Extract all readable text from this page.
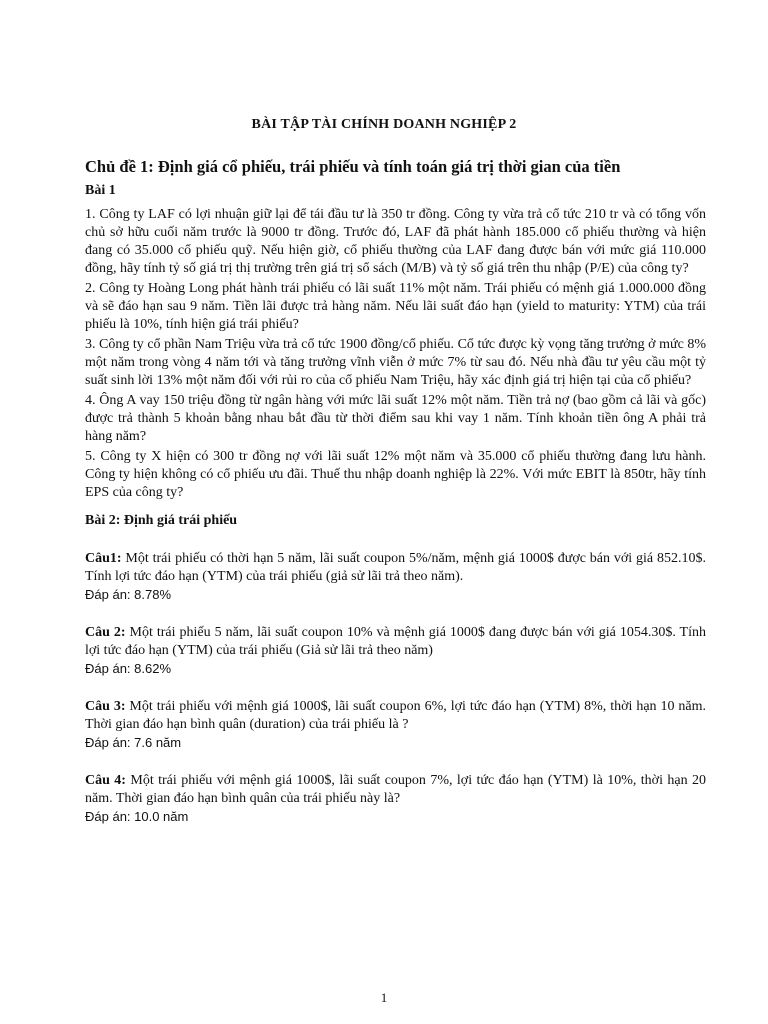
BÀI TẬP TÀI CHÍNH DOANH NGHIỆP 2
Chủ đề 1: Định giá cổ phiếu, trái phiếu và tính toán giá trị thời gian của tiền
Bài 1

1. Công ty LAF có lợi nhuận giữ lại để tái đầu tư là 350 tr đồng. Công ty vừa trả cổ tức 210 tr và có tổng vốn chủ sở hữu cuối năm trước là 9000 tr đồng. Trước đó, LAF đã phát hành 185.000 cổ phiếu thường và hiện đang có 35.000 cổ phiếu quỹ. Nếu hiện giờ, cổ phiếu thường của LAF đang được bán với mức giá 110.000 đồng, hãy tính tỷ số giá trị thị trường trên giá trị sổ sách (M/B) và tỷ số giá trên thu nhập (P/E) của công ty?

2. Công ty Hoàng Long phát hành trái phiếu có lãi suất 11% một năm. Trái phiếu có mệnh giá 1.000.000 đồng và sẽ đáo hạn sau 9 năm. Tiền lãi được trả hàng năm. Nếu lãi suất đáo hạn (yield to maturity: YTM) của trái phiếu là 10%, tính hiện giá trái phiếu?

3. Công ty cổ phần Nam Triệu vừa trả cổ tức 1900 đồng/cổ phiếu. Cổ tức được kỳ vọng tăng trưởng ở mức 8% một năm trong vòng 4 năm tới và tăng trưởng vĩnh viễn ở mức 7% từ sau đó. Nếu nhà đầu tư yêu cầu một tỷ suất sinh lời 13% một năm đối với rủi ro của cổ phiếu Nam Triệu, hãy xác định giá trị hiện tại của cổ phiếu?

4. Ông A vay 150 triệu đồng từ ngân hàng với mức lãi suất 12% một năm. Tiền trả nợ (bao gồm cả lãi và gốc) được trả thành 5 khoản bằng nhau bắt đầu từ thời điểm sau khi vay 1 năm. Tính khoản tiền ông A phải trả hàng năm?

5. Công ty X hiện có 300 tr đồng nợ với lãi suất 12% một năm và 35.000 cổ phiếu thường đang lưu hành. Công ty hiện không có cổ phiếu ưu đãi. Thuế thu nhập doanh nghiệp là 22%. Với mức EBIT là 850tr, hãy tính EPS của công ty?

Bài 2: Định giá trái phiếu
Câu1: Một trái phiếu có thời hạn 5 năm, lãi suất coupon 5%/năm, mệnh giá 1000$ được bán với giá 852.10$. Tính lợi tức đáo hạn (YTM) của trái phiếu (giả sử lãi trả theo năm).
Đáp án: 8.78%
Câu 2: Một trái phiếu 5 năm, lãi suất coupon 10% và mệnh giá 1000$ đang được bán với giá 1054.30$. Tính lợi tức đáo hạn (YTM) của trái phiếu (Giả sử lãi trả theo năm)
Đáp án: 8.62%
Câu 3: Một trái phiếu với mệnh giá 1000$, lãi suất coupon 6%, lợi tức đáo hạn (YTM) 8%, thời hạn 10 năm. Thời gian đáo hạn bình quân (duration) của trái phiếu là ?
Đáp án: 7.6 năm
Câu 4: Một trái phiếu với mệnh giá 1000$, lãi suất coupon 7%, lợi tức đáo hạn (YTM) là 10%, thời hạn 20 năm. Thời gian đáo hạn bình quân của trái phiếu này là?
Đáp án: 10.0 năm
1
